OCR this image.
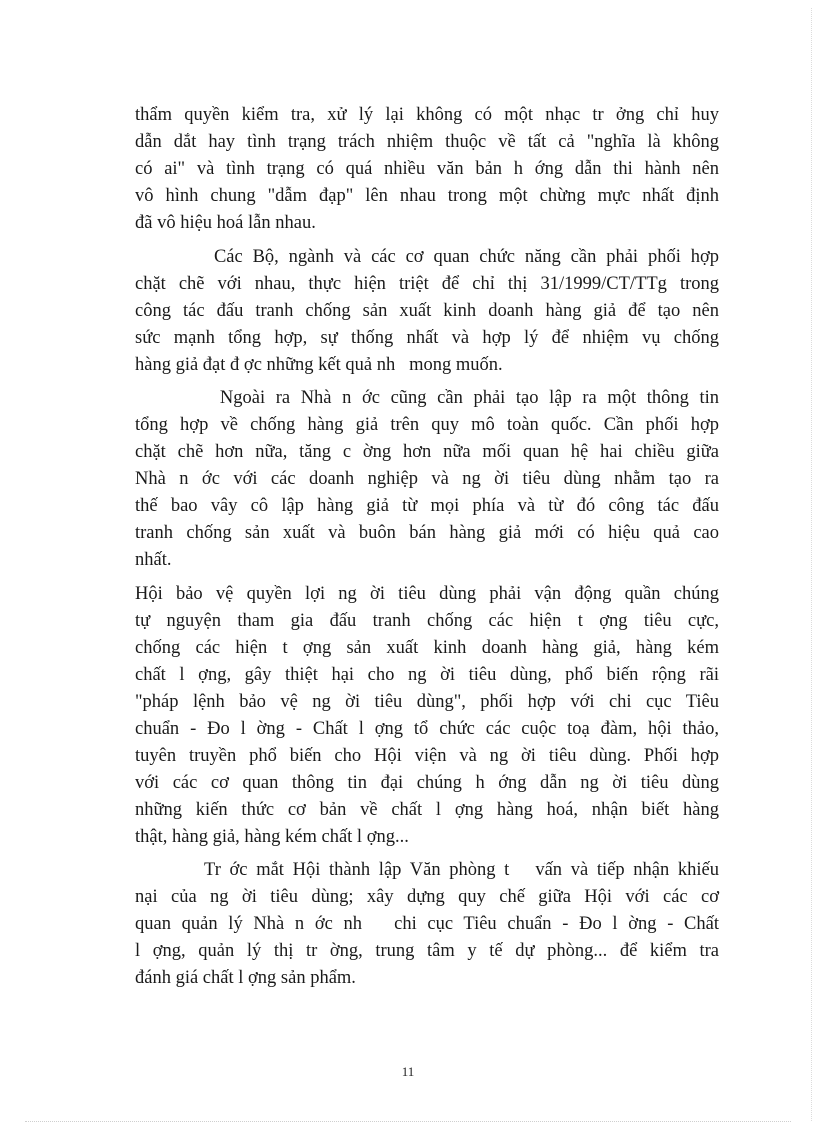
thẩm quyền kiểm tra, xử lý lại không có một nhạc tr ởng chỉ huy
dẫn dắt hay tình trạng trách nhiệm thuộc về tất cả "nghĩa là không
có ai" và tình trạng có quá nhiều văn bản h ớng dẫn thi hành nên
vô hình chung "dẫm đạp" lên nhau trong một chừng mực nhất định
đã vô hiệu hoá lẫn nhau.
Các Bộ, ngành và các cơ quan chức năng cần phải phối hợp
chặt chẽ với nhau, thực hiện triệt để chỉ thị 31/1999/CT/TTg trong
công tác đấu tranh chống sản xuất kinh doanh hàng giả để tạo nên
sức mạnh tổng hợp, sự thống nhất và hợp lý để nhiệm vụ chống
hàng giả đạt đ ợc những kết quả nh   mong muốn.
Ngoài ra Nhà n ớc cũng cần phải tạo lập ra một thông tin
tổng hợp về chống hàng giả trên quy mô toàn quốc. Cần phối hợp
chặt chẽ hơn nữa, tăng c ờng hơn nữa mối quan hệ hai chiều giữa
Nhà n ớc với các doanh nghiệp và ng ời tiêu dùng nhằm tạo ra
thế bao vây cô lập hàng giả từ mọi phía và từ đó công tác đấu
tranh chống sản xuất và buôn bán hàng giả mới có hiệu quả cao
nhất.
Hội bảo vệ quyền lợi ng ời tiêu dùng phải vận động quần chúng
tự nguyện tham gia đấu tranh chống các hiện t ợng tiêu cực,
chống các hiện t ợng sản xuất kinh doanh hàng giả, hàng kém
chất l ợng, gây thiệt hại cho ng ời tiêu dùng, phổ biến rộng rãi
"pháp lệnh bảo vệ ng ời tiêu dùng", phối hợp với chi cục Tiêu
chuẩn - Đo l ờng - Chất l ợng tổ chức các cuộc toạ đàm, hội thảo,
tuyên truyền phổ biến cho Hội viện và ng ời tiêu dùng. Phối hợp
với các cơ quan thông tin đại chúng h ớng dẫn ng ời tiêu dùng
những kiến thức cơ bản về chất l ợng hàng hoá, nhận biết hàng
thật, hàng giả, hàng kém chất l ợng...
Tr ớc mắt Hội thành lập Văn phòng t   vấn và tiếp nhận khiếu
nại của ng ời tiêu dùng; xây dựng quy chế giữa Hội với các cơ
quan quản lý Nhà n ớc nh   chi cục Tiêu chuẩn - Đo l ờng - Chất
l ợng, quản lý thị tr ờng, trung tâm y tế dự phòng... để kiểm tra
đánh giá chất l ợng sản phẩm.
11
